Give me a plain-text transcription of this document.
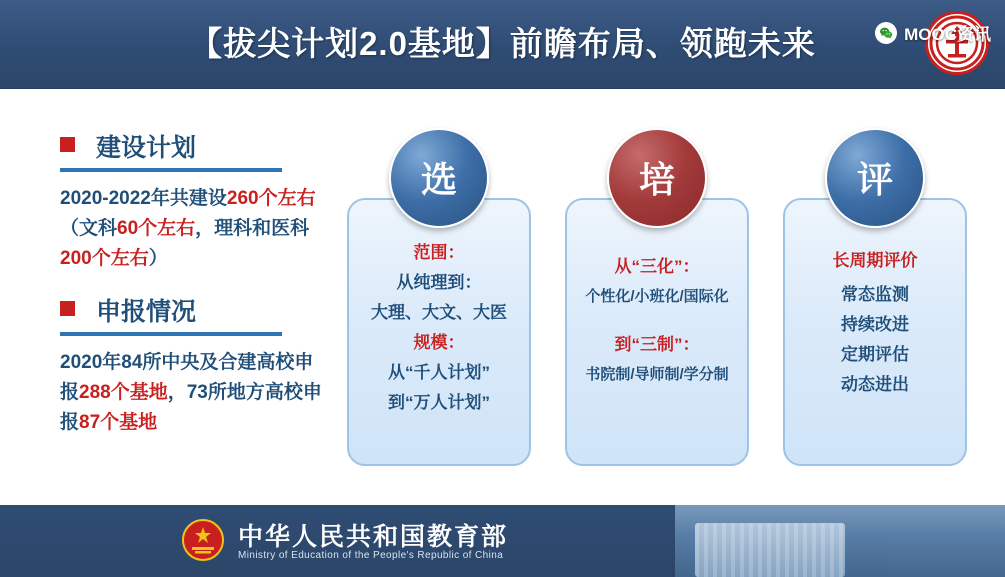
【拔尖计划2.0基地】前瞻布局、领跑未来
建设计划
2020-2022年共建设260个左右（文科60个左右，理科和医科200个左右）
申报情况
2020年84所中央及合建高校申报288个基地，73所地方高校申报87个基地
选
范围：
从纯理到：
大理、大文、大医
规模：
从“千人计划”
到“万人计划”
培
从“三化”：
个性化/小班化/国际化
到“三制”：
书院制/导师制/学分制
评
长周期评价
常态监测
持续改进
定期评估
动态进出
中华人民共和国教育部
Ministry of Education of the People's Republic of China
MOOC资讯
